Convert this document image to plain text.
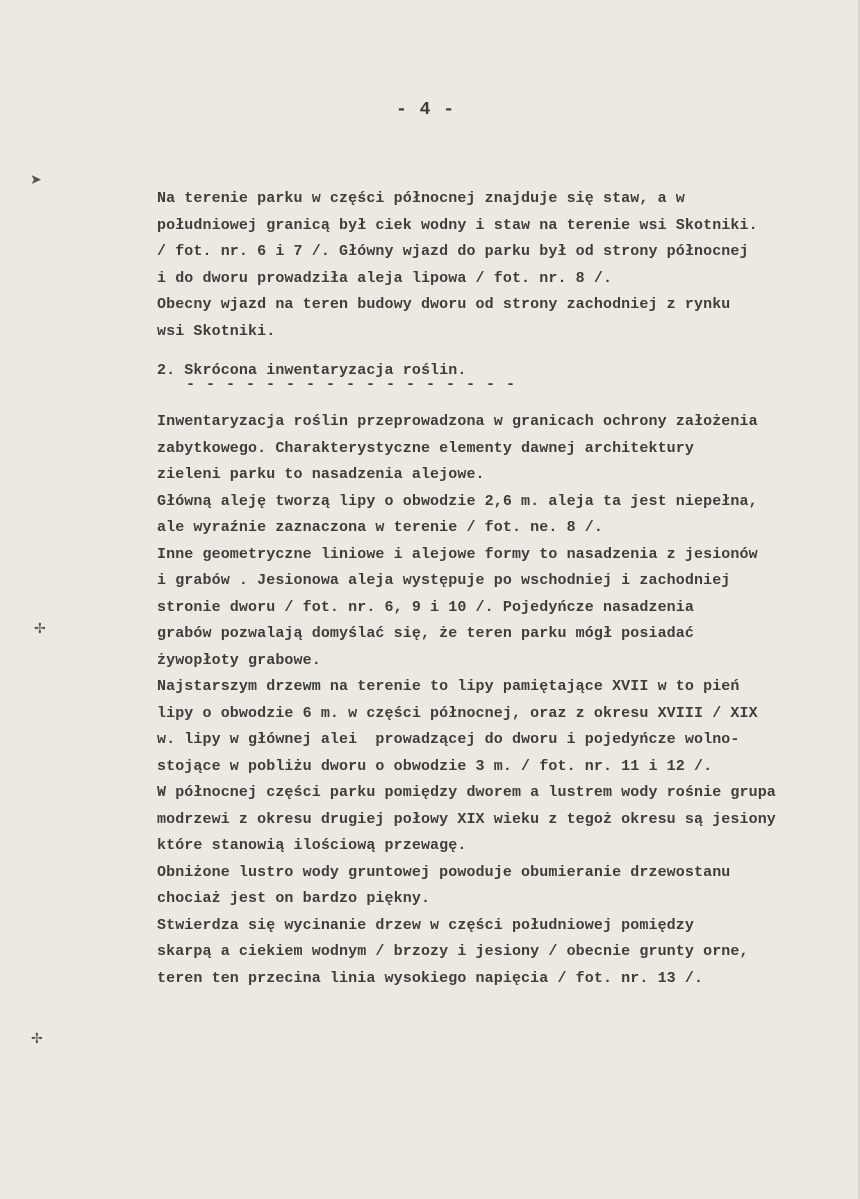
- 4 -
➤
✢
✢
Na terenie parku w części północnej znajduje się staw, a w
południowej granicą był ciek wodny i staw na terenie wsi Skotniki.
/ fot. nr. 6 i 7 /. Główny wjazd do parku był od strony północnej
i do dworu prowadziła aleja lipowa / fot. nr. 8 /.
Obecny wjazd na teren budowy dworu od strony zachodniej z rynku
wsi Skotniki.
2. Skrócona inwentaryzacja roślin.
- - - - - - - - - - - - - - - - -
Inwentaryzacja roślin przeprowadzona w granicach ochrony założenia
zabytkowego. Charakterystyczne elementy dawnej architektury
zieleni parku to nasadzenia alejowe.
Główną aleję tworzą lipy o obwodzie 2,6 m. aleja ta jest niepełna,
ale wyraźnie zaznaczona w terenie / fot. ne. 8 /.
Inne geometryczne liniowe i alejowe formy to nasadzenia z jesionów
i grabów . Jesionowa aleja występuje po wschodniej i zachodniej
stronie dworu / fot. nr. 6, 9 i 10 /. Pojedyńcze nasadzenia
grabów pozwalają domyślać się, że teren parku mógł posiadać
żywopłoty grabowe.
Najstarszym drzewm na terenie to lipy pamiętające XVII w to pień
lipy o obwodzie 6 m. w części północnej, oraz z okresu XVIII / XIX
w. lipy w głównej alei  prowadzącej do dworu i pojedyńcze wolno-
stojące w pobliżu dworu o obwodzie 3 m. / fot. nr. 11 i 12 /.
W północnej części parku pomiędzy dworem a lustrem wody rośnie grupa
modrzewi z okresu drugiej połowy XIX wieku z tegoż okresu są jesiony
które stanowią ilościową przewagę.
Obniżone lustro wody gruntowej powoduje obumieranie drzewostanu
chociaż jest on bardzo piękny.
Stwierdza się wycinanie drzew w części południowej pomiędzy
skarpą a ciekiem wodnym / brzozy i jesiony / obecnie grunty orne,
teren ten przecina linia wysokiego napięcia / fot. nr. 13 /.
